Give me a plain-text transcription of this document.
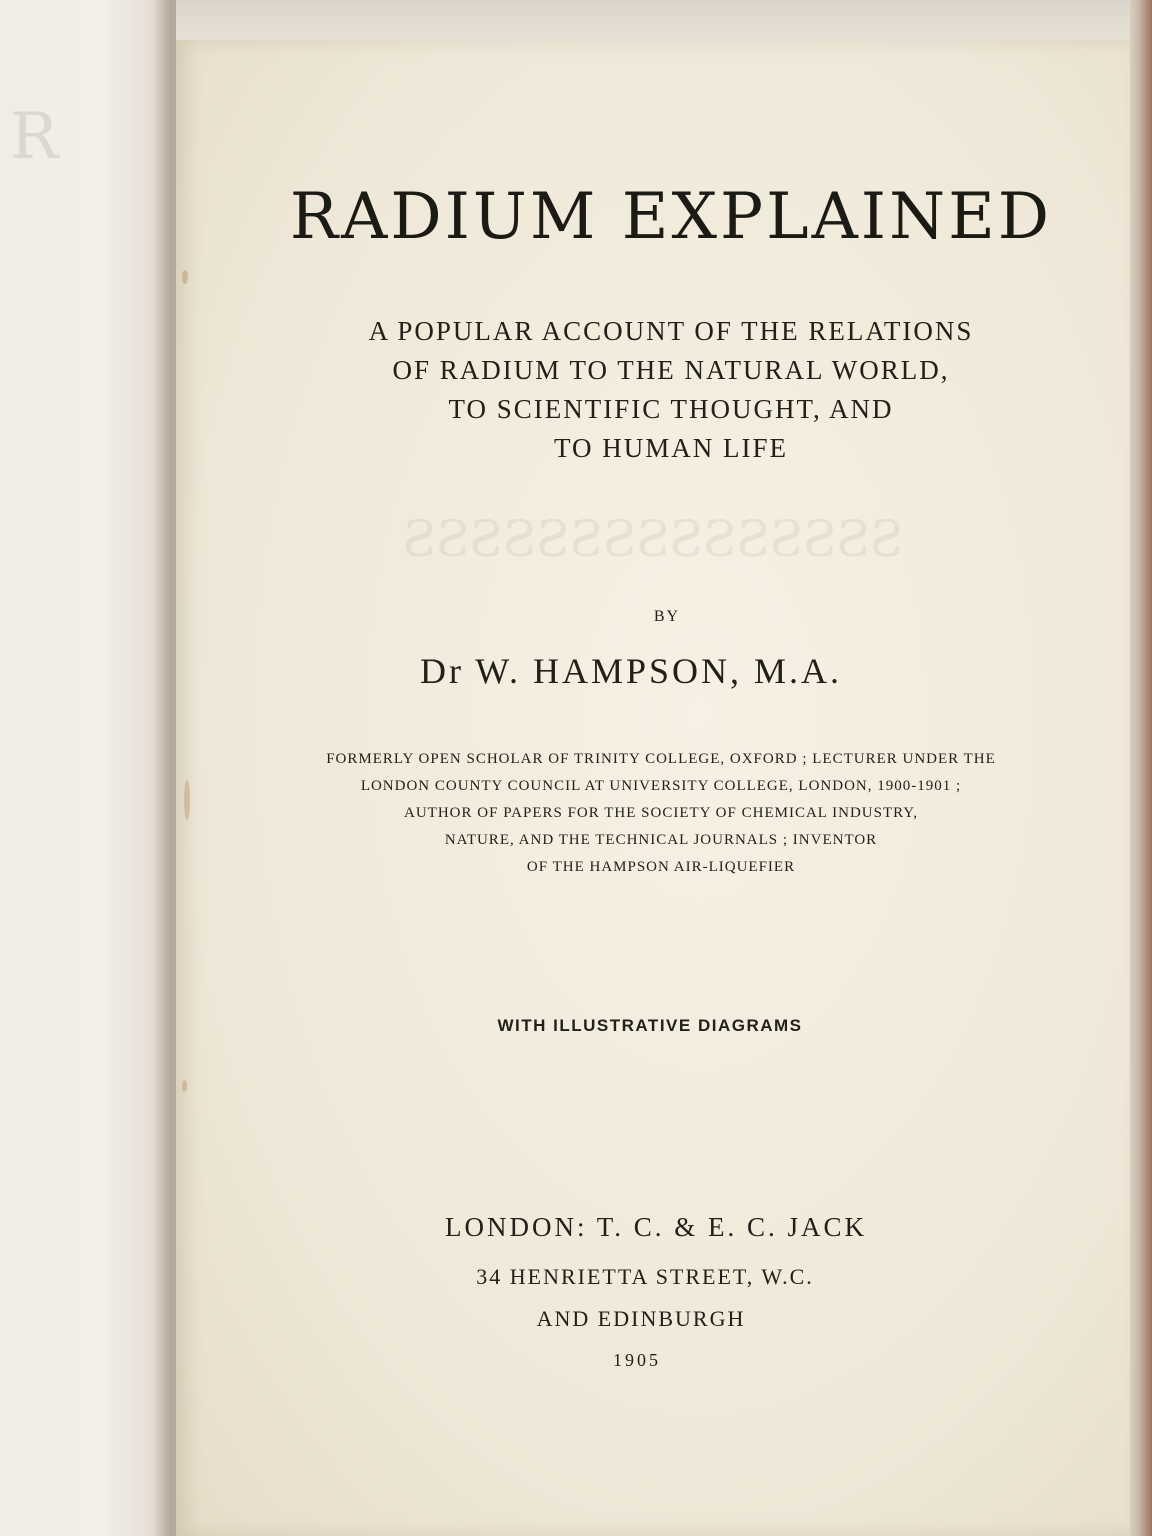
R
SSSSSSSSSSSSSSS
RADIUM EXPLAINED
A POPULAR ACCOUNT OF THE RELATIONS
OF RADIUM TO THE NATURAL WORLD,
TO SCIENTIFIC THOUGHT, AND
TO HUMAN LIFE
BY
Dr W. HAMPSON, M.A.
FORMERLY OPEN SCHOLAR OF TRINITY COLLEGE, OXFORD ; LECTURER UNDER THE
LONDON COUNTY COUNCIL AT UNIVERSITY COLLEGE, LONDON, 1900-1901 ;
AUTHOR OF PAPERS FOR THE SOCIETY OF CHEMICAL INDUSTRY,
NATURE, AND THE TECHNICAL JOURNALS ; INVENTOR
OF THE HAMPSON AIR-LIQUEFIER
WITH ILLUSTRATIVE DIAGRAMS
LONDON: T. C. & E. C. JACK
34 HENRIETTA STREET, W.C.
AND EDINBURGH
1905
